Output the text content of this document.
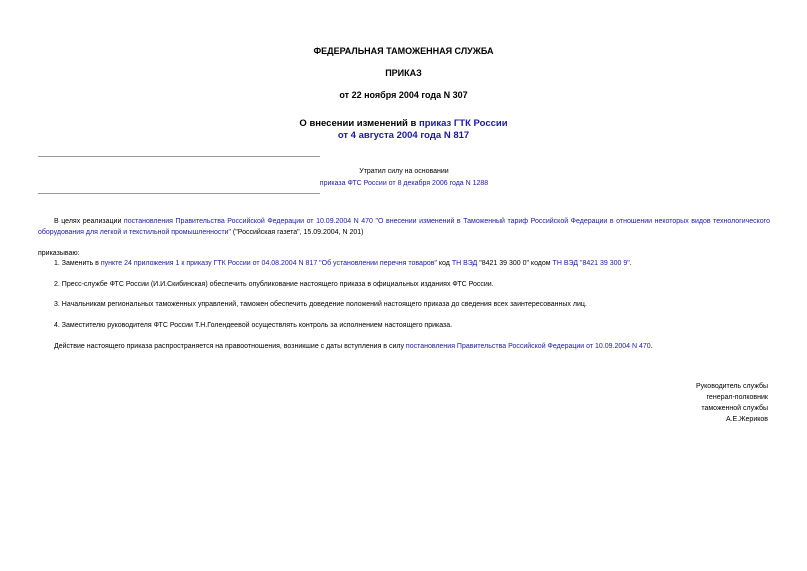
ФЕДЕРАЛЬНАЯ ТАМОЖЕННАЯ СЛУЖБА
ПРИКАЗ
от 22 ноября 2004 года N 307
О внесении изменений в приказ ГТК России
от 4 августа 2004 года N 817
Утратил силу на основании
приказа ФТС России от 8 декабря 2006 года N 1288
В целях реализации постановления Правительства Российской Федерации от 10.09.2004 N 470 "О внесении изменений в Таможенный тариф Российской Федерации в отношении некоторых видов технологического оборудования для легкой и текстильной промышленности" ("Российская газета", 15.09.2004, N 201)
приказываю:
1. Заменить в пункте 24 приложения 1 к приказу ГТК России от 04.08.2004 N 817 "Об установлении перечня товаров" код ТН ВЭД "8421 39 300 0" кодом ТН ВЭД "8421 39 300 9".
2. Пресс-службе ФТС России (И.И.Скибинская) обеспечить опубликование настоящего приказа в официальных изданиях ФТС России.
3. Начальникам региональных таможенных управлений, таможен обеспечить доведение положений настоящего приказа до сведения всех заинтересованных лиц.
4. Заместителю руководителя ФТС России Т.Н.Голендеевой осуществлять контроль за исполнением настоящего приказа.
Действие настоящего приказа распространяется на правоотношения, возникшие с даты вступления в силу постановления Правительства Российской Федерации от 10.09.2004 N 470.
Руководитель службы
генерал-полковник
таможенной службы
А.Е.Жериков
